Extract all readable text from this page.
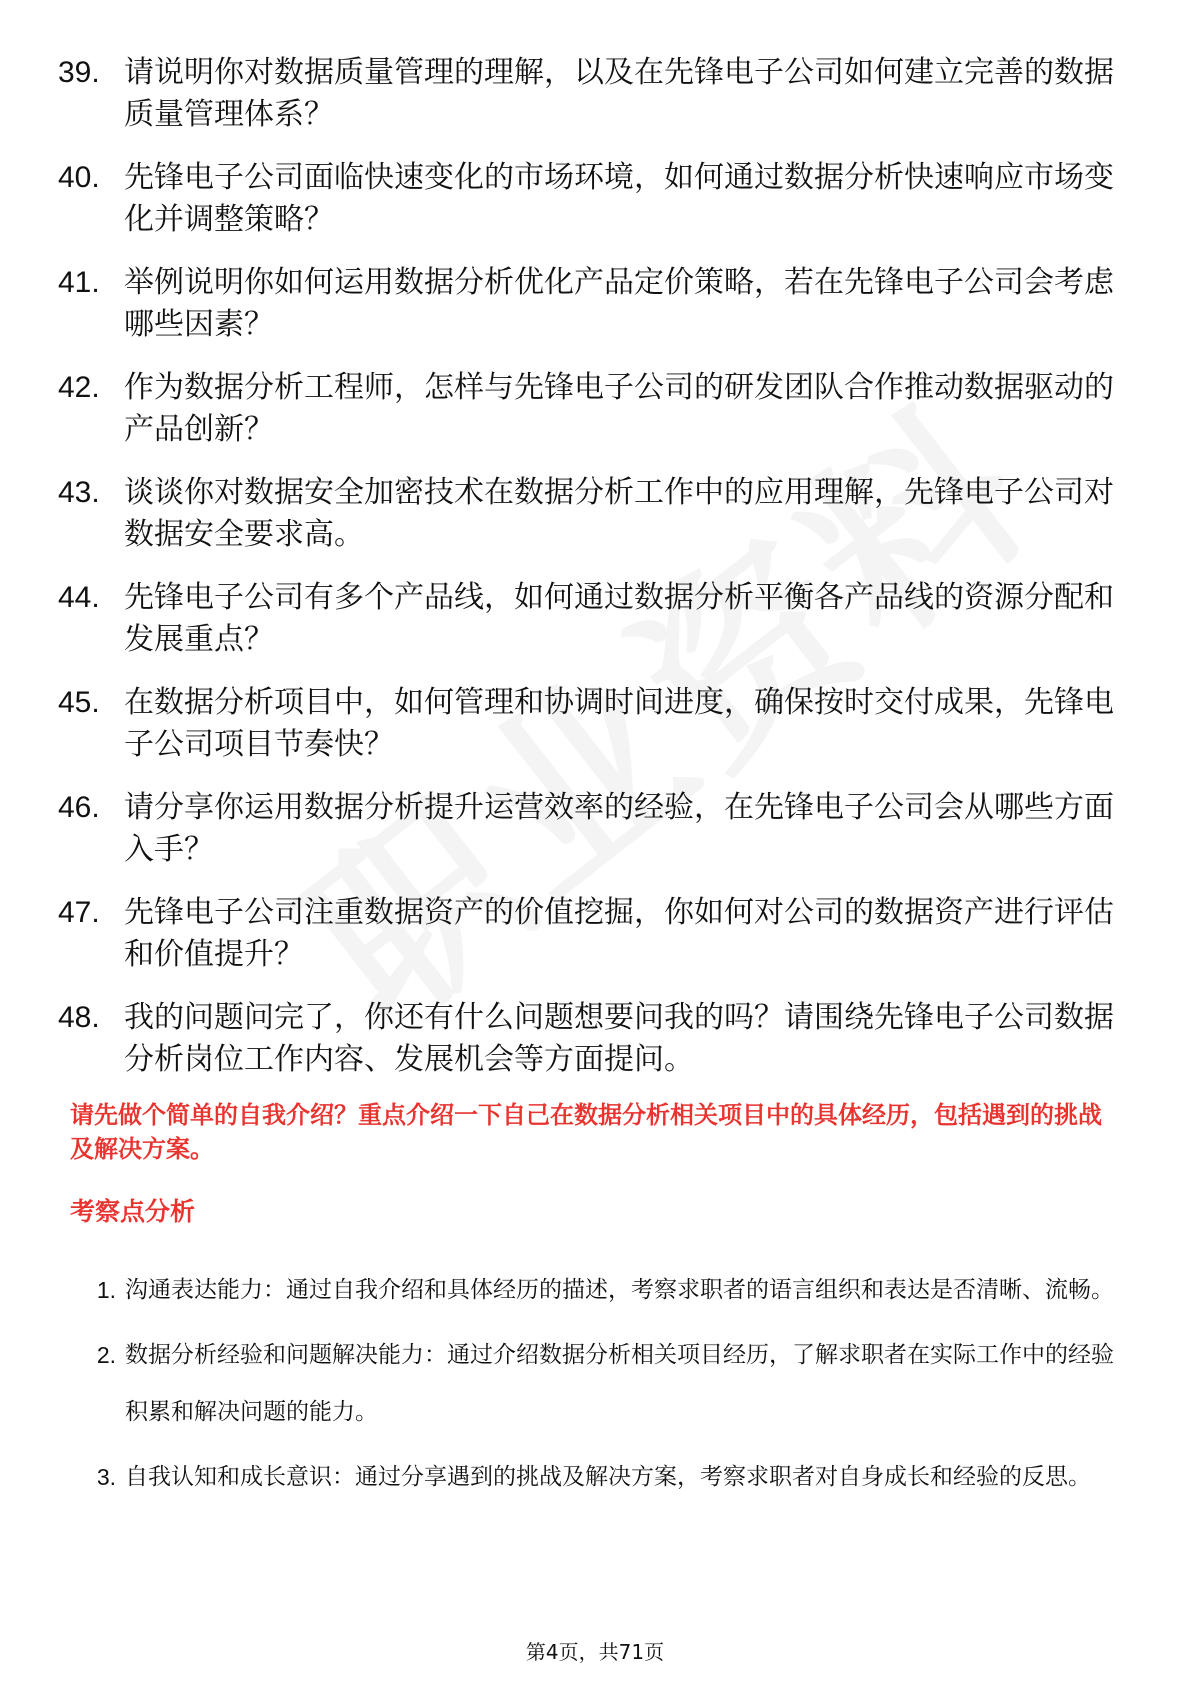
39. 请说明你对数据质量管理的理解，以及在先锋电子公司如何建立完善的数据质量管理体系？
40. 先锋电子公司面临快速变化的市场环境，如何通过数据分析快速响应市场变化并调整策略？
41. 举例说明你如何运用数据分析优化产品定价策略，若在先锋电子公司会考虑哪些因素？
42. 作为数据分析工程师，怎样与先锋电子公司的研发团队合作推动数据驱动的产品创新？
43. 谈谈你对数据安全加密技术在数据分析工作中的应用理解，先锋电子公司对数据安全要求高。
44. 先锋电子公司有多个产品线，如何通过数据分析平衡各产品线的资源分配和发展重点？
45. 在数据分析项目中，如何管理和协调时间进度，确保按时交付成果，先锋电子公司项目节奏快？
46. 请分享你运用数据分析提升运营效率的经验，在先锋电子公司会从哪些方面入手？
47. 先锋电子公司注重数据资产的价值挖掘，你如何对公司的数据资产进行评估和价值提升？
48. 我的问题问完了，你还有什么问题想要问我的吗？请围绕先锋电子公司数据分析岗位工作内容、发展机会等方面提问。
请先做个简单的自我介绍？重点介绍一下自己在数据分析相关项目中的具体经历，包括遇到的挑战及解决方案。
考察点分析
1. 沟通表达能力：通过自我介绍和具体经历的描述，考察求职者的语言组织和表达是否清晰、流畅。
2. 数据分析经验和问题解决能力：通过介绍数据分析相关项目经历，了解求职者在实际工作中的经验积累和解决问题的能力。
3. 自我认知和成长意识：通过分享遇到的挑战及解决方案，考察求职者对自身成长和经验的反思。
第4页，共71页
